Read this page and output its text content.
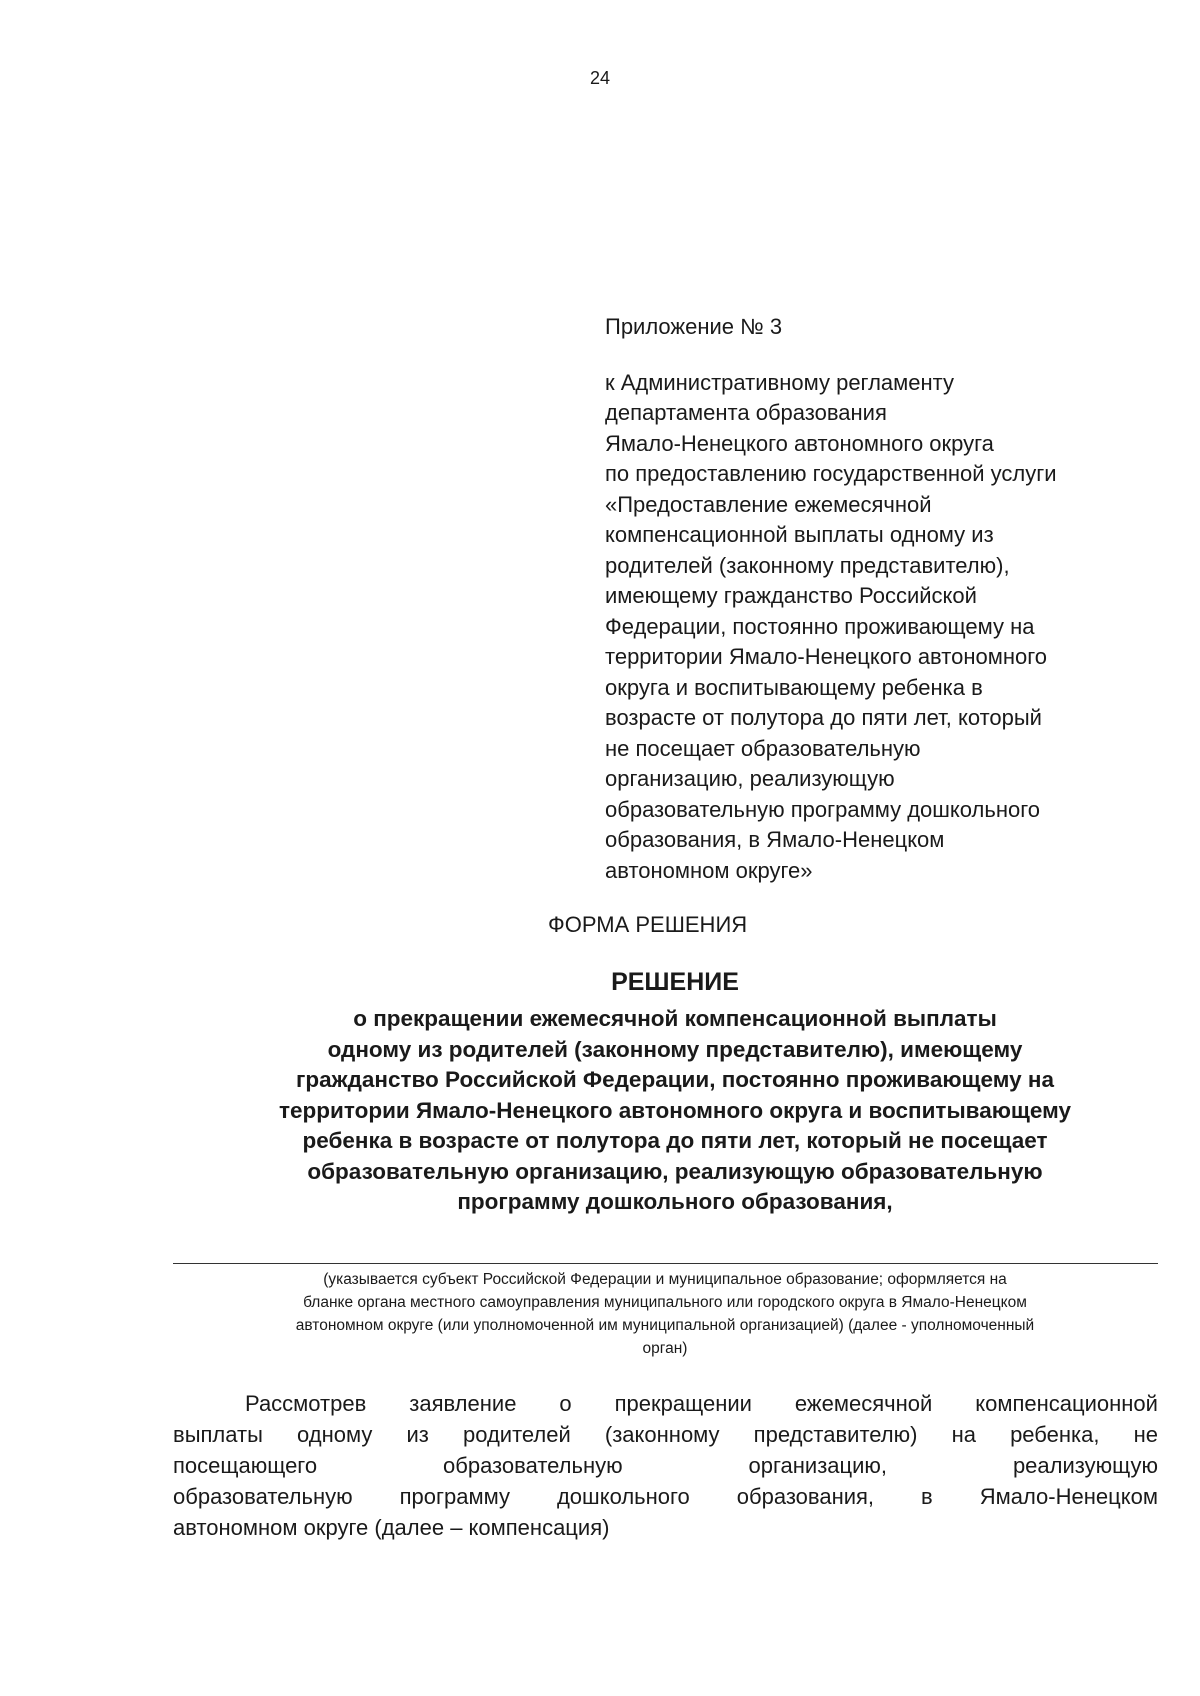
24
Приложение № 3
к Административному регламенту
департамента образования
Ямало-Ненецкого автономного округа
по предоставлению государственной услуги
«Предоставление ежемесячной
компенсационной выплаты одному из
родителей (законному представителю),
имеющему гражданство Российской
Федерации, постоянно проживающему на
территории Ямало-Ненецкого автономного
округа и воспитывающему ребенка в
возрасте от полутора до пяти лет, который
не посещает образовательную
организацию, реализующую
образовательную программу дошкольного
образования, в Ямало-Ненецком
автономном округе»
ФОРМА РЕШЕНИЯ
РЕШЕНИЕ
о прекращении ежемесячной компенсационной выплаты
одному из родителей (законному представителю), имеющему
гражданство Российской Федерации, постоянно проживающему на
территории Ямало-Ненецкого автономного округа и воспитывающему
ребенка в возрасте от полутора до пяти лет, который не посещает
образовательную организацию, реализующую образовательную
программу дошкольного образования,
(указывается субъект Российской Федерации и муниципальное образование; оформляется на
бланке органа местного самоуправления муниципального или городского округа в Ямало-Ненецком
автономном округе (или уполномоченной им муниципальной организацией) (далее - уполномоченный
орган)
Рассмотрев заявление о прекращении ежемесячной компенсационной
выплаты одному из родителей (законному представителю) на ребенка, не
посещающего	образовательную	организацию,	реализующую
образовательную программу дошкольного образования, в Ямало-Ненецком
автономном округе (далее – компенсация)
